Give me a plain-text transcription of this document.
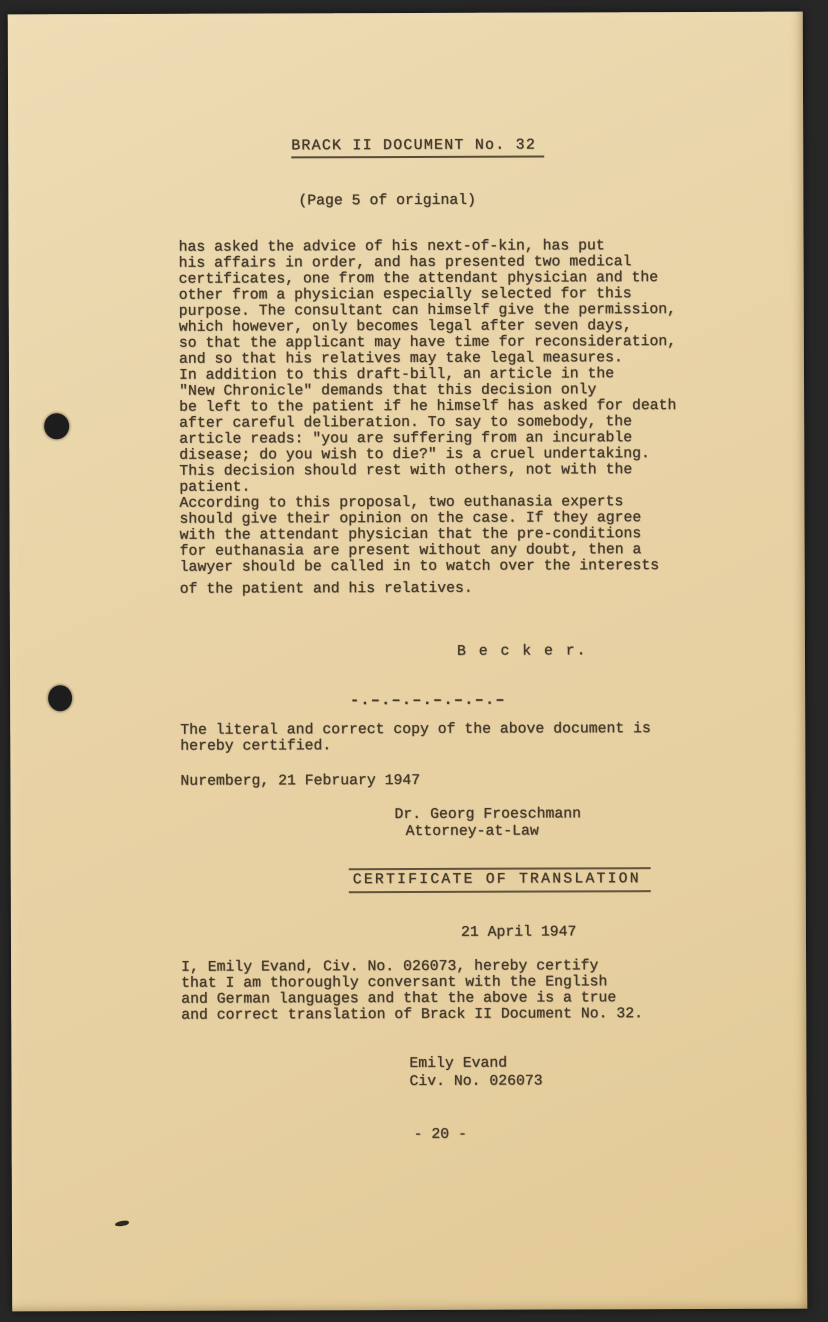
BRACK II DOCUMENT No. 32
(Page 5 of original)
has asked the advice of his next-of-kin, has put
his affairs in order, and has presented two medical
certificates, one from the attendant physician and the
other from a physician especially selected for this
purpose. The consultant can himself give the permission,
which however, only becomes legal after seven days,
so that the applicant may have time for reconsideration,
and so that his relatives may take legal measures.
In addition to this draft-bill, an article in the
"New Chronicle" demands that this decision only
be left to the patient if he himself has asked for death
after careful deliberation. To say to somebody, the
article reads: "you are suffering from an incurable
disease; do you wish to die?" is a cruel undertaking.
This decision should rest with others, not with the
patient.
According to this proposal, two euthanasia experts
should give their opinion on the case. If they agree
with the attendant physician that the pre-conditions
for euthanasia are present without any doubt, then a
lawyer should be called in to watch over the interests
of the patient and his relatives.
B e c k e r.
-.–.–.–.–.–.–.–
The literal and correct copy of the above document is
hereby certified.
Nuremberg, 21 February 1947
Dr. Georg Froeschmann
Attorney-at-Law
CERTIFICATE OF TRANSLATION
21 April 1947
I, Emily Evand, Civ. No. 026073, hereby certify
that I am thoroughly conversant with the English
and German languages and that the above is a true
and correct translation of Brack II Document No. 32.
Emily Evand
Civ. No. 026073
- 20 -
